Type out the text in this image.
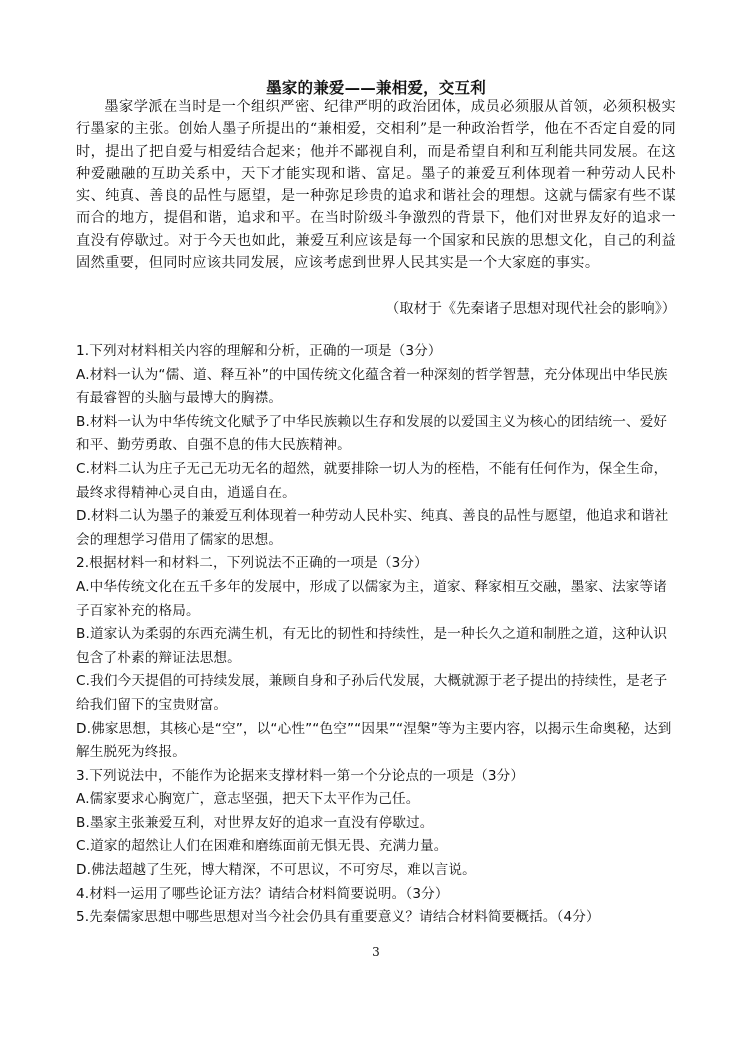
墨家的兼爱——兼相爱，交互利

墨家学派在当时是一个组织严密、纪律严明的政治团体，成员必须服从首领，必须积极实行墨家的主张。创始人墨子所提出的“兼相爱，交相利”是一种政治哲学，他在不否定自爱的同时，提出了把自爱与相爱结合起来；他并不鄙视自利，而是希望自利和互利能共同发展。在这种爱融融的互助关系中，天下才能实现和谐、富足。墨子的兼爱互利体现着一种劳动人民朴实、纯真、善良的品性与愿望，是一种弥足珍贵的追求和谐社会的理想。这就与儒家有些不谋而合的地方，提倡和谐，追求和平。在当时阶级斗争激烈的背景下，他们对世界友好的追求一直没有停歇过。对于今天也如此，兼爱互利应该是每一个国家和民族的思想文化，自己的利益固然重要，但同时应该共同发展，应该考虑到世界人民其实是一个大家庭的事实。

（取材于《先秦诸子思想对现代社会的影响》）

1.下列对材料相关内容的理解和分析，正确的一项是（3分）

A.材料一认为“儒、道、释互补”的中国传统文化蕴含着一种深刻的哲学智慧，充分体现出中华民族有最睿智的头脑与最博大的胸襟。

B.材料一认为中华传统文化赋予了中华民族赖以生存和发展的以爱国主义为核心的团结统一、爱好和平、勤劳勇敢、自强不息的伟大民族精神。

C.材料二认为庄子无己无功无名的超然，就要排除一切人为的桎梏，不能有任何作为，保全生命，最终求得精神心灵自由，逍遥自在。

D.材料二认为墨子的兼爱互利体现着一种劳动人民朴实、纯真、善良的品性与愿望，他追求和谐社会的理想学习借用了儒家的思想。

2.根据材料一和材料二，下列说法不正确的一项是（3分）

A.中华传统文化在五千多年的发展中，形成了以儒家为主，道家、释家相互交融，墨家、法家等诸子百家补充的格局。

B.道家认为柔弱的东西充满生机，有无比的韧性和持续性，是一种长久之道和制胜之道，这种认识包含了朴素的辩证法思想。

C.我们今天提倡的可持续发展，兼顾自身和子孙后代发展，大概就源于老子提出的持续性，是老子给我们留下的宝贵财富。

D.佛家思想，其核心是“空”，以“心性”“色空”“因果”“涅槃”等为主要内容，以揭示生命奥秘，达到解生脱死为终报。

3.下列说法中，不能作为论据来支撑材料一第一个分论点的一项是（3分）

A.儒家要求心胸宽广，意志坚强，把天下太平作为己任。

B.墨家主张兼爱互利，对世界友好的追求一直没有停歇过。

C.道家的超然让人们在困难和磨练面前无惧无畏、充满力量。

D.佛法超越了生死，博大精深，不可思议，不可穷尽，难以言说。

4.材料一运用了哪些论证方法？请结合材料简要说明。（3分）

5.先秦儒家思想中哪些思想对当今社会仍具有重要意义？请结合材料简要概括。（4分）

3
